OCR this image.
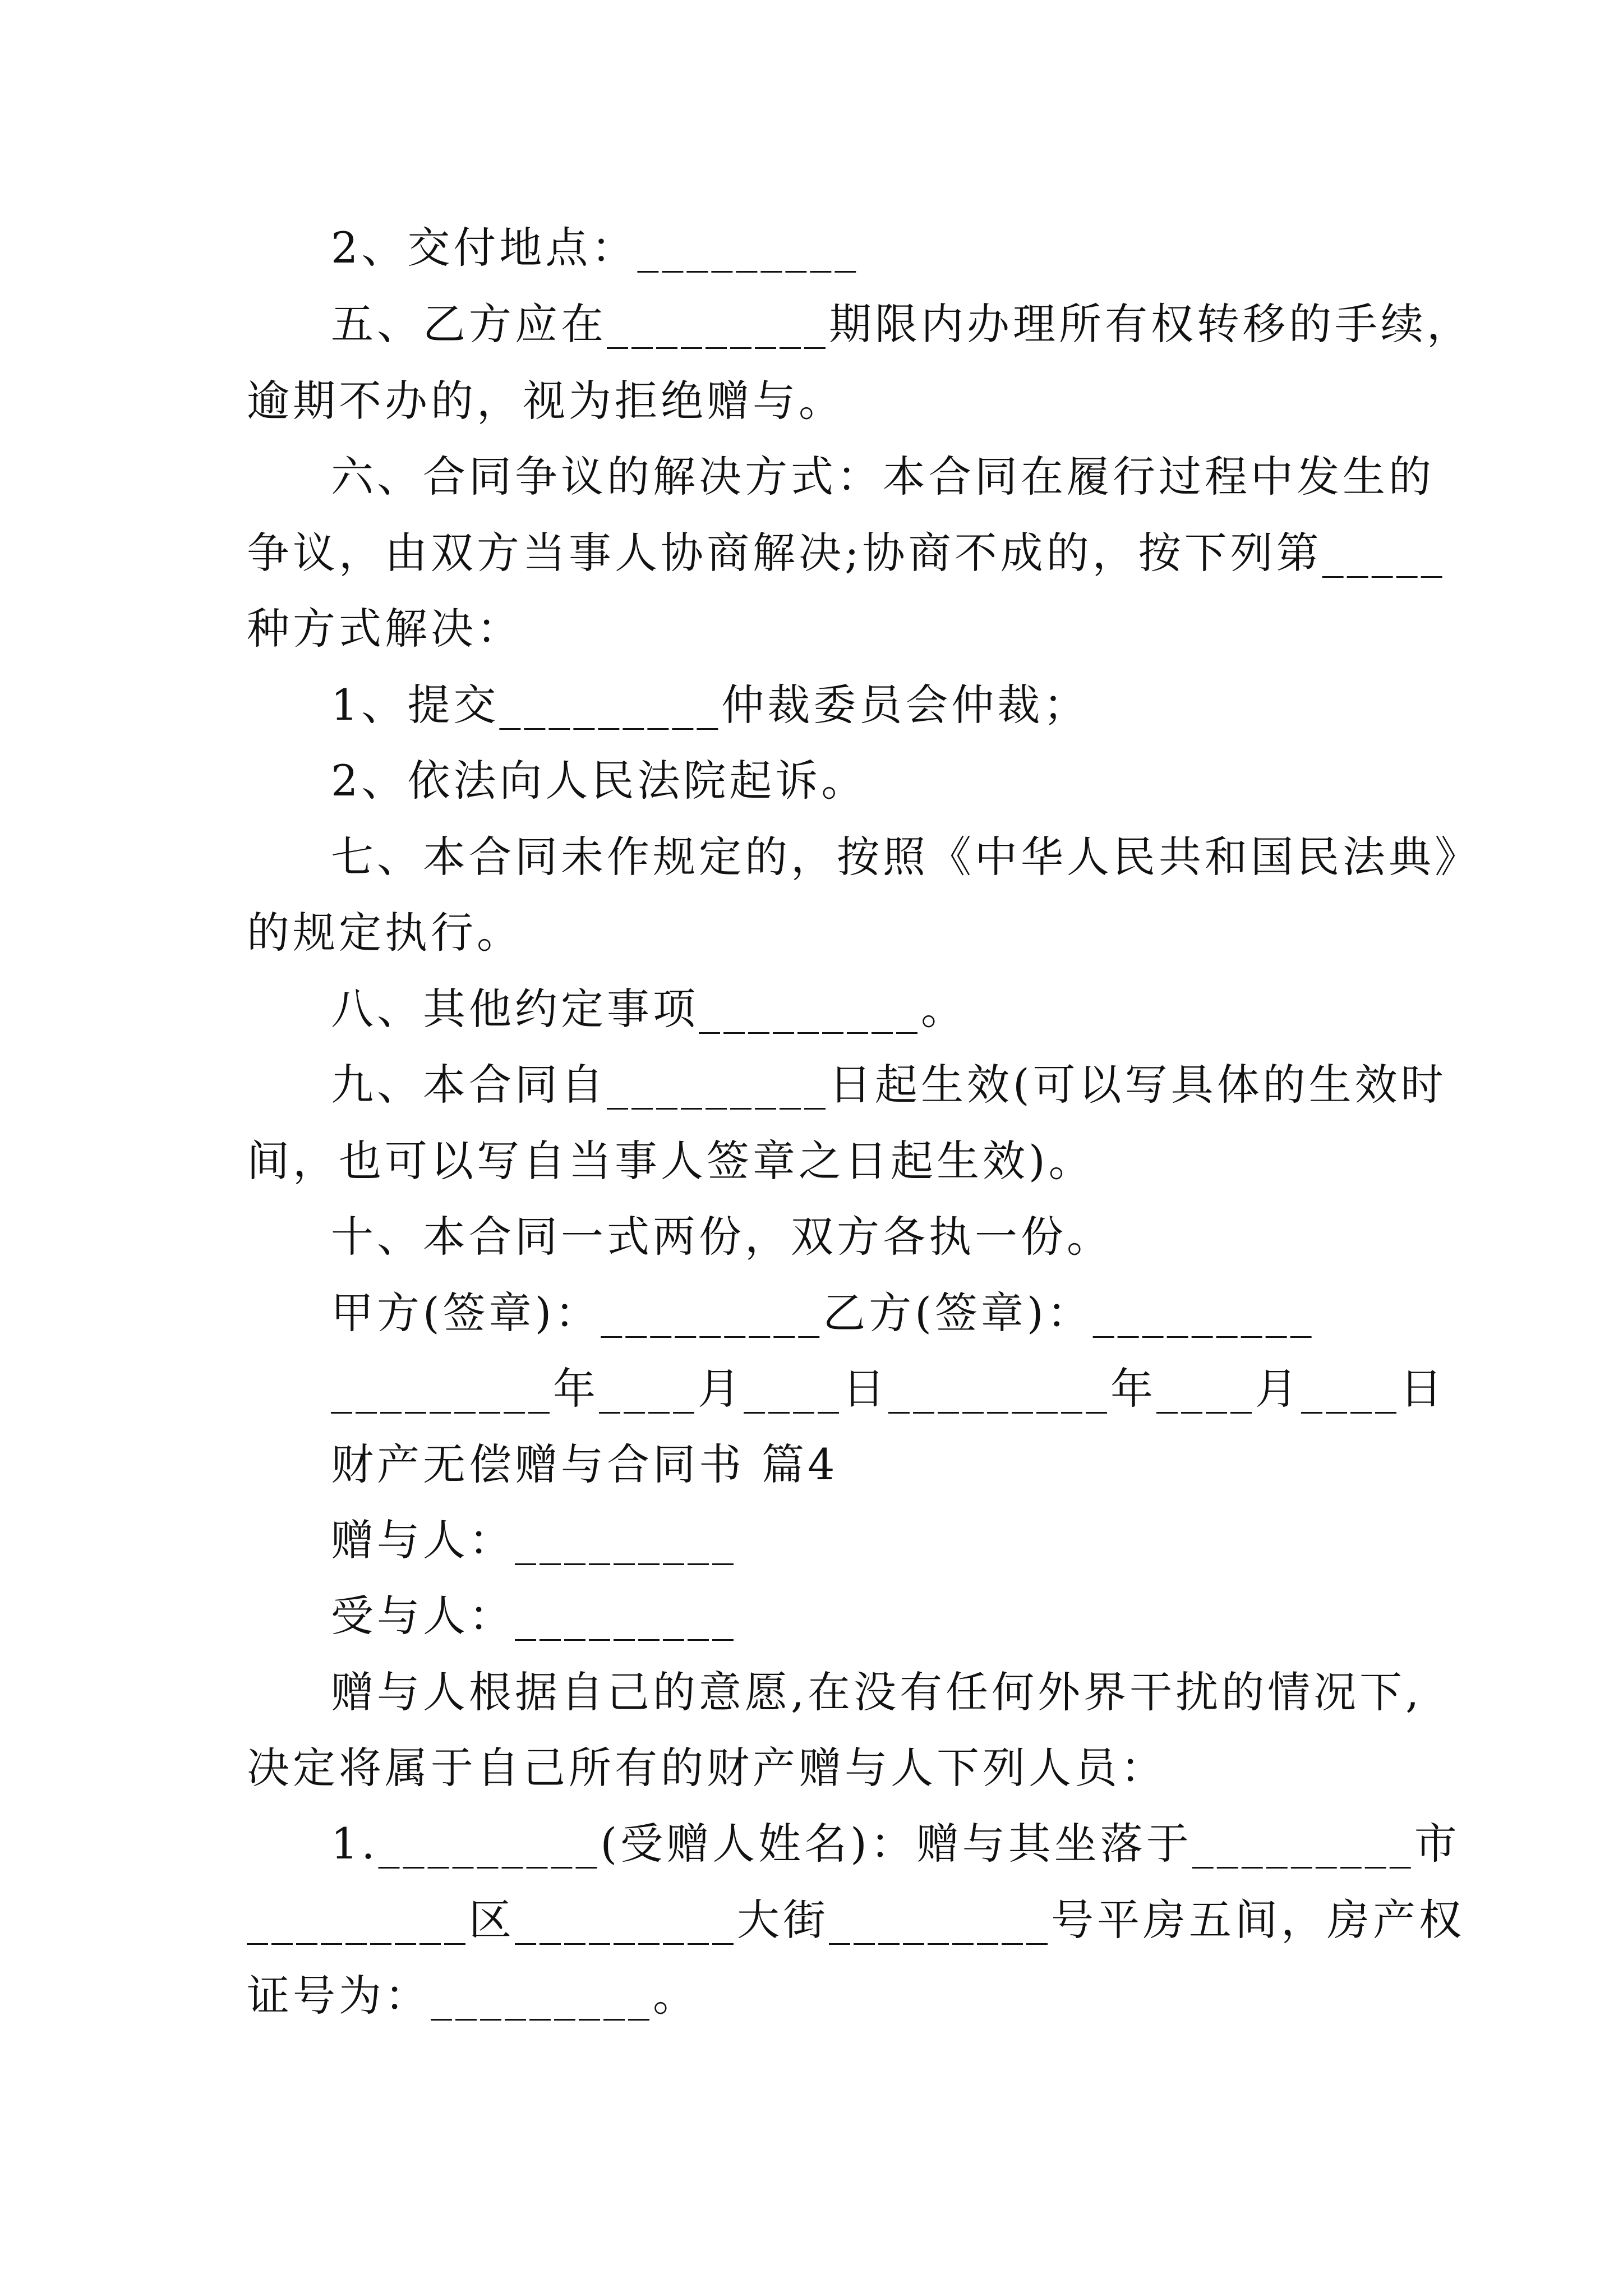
2、交付地点：_________
五、乙方应在_________期限内办理所有权转移的手续，
逾期不办的，视为拒绝赠与。
六、合同争议的解决方式：本合同在履行过程中发生的
争议，由双方当事人协商解决;协商不成的，按下列第_____
种方式解决：
1、提交_________仲裁委员会仲裁；
2、依法向人民法院起诉。
七、本合同未作规定的，按照《中华人民共和国民法典》
的规定执行。
八、其他约定事项_________。
九、本合同自_________日起生效(可以写具体的生效时
间，也可以写自当事人签章之日起生效)。
十、本合同一式两份，双方各执一份。
甲方(签章)：_________乙方(签章)：_________
_________年____月____日_________年____月____日
财产无偿赠与合同书 篇4
赠与人：_________
受与人：_________
赠与人根据自己的意愿,在没有任何外界干扰的情况下,
决定将属于自己所有的财产赠与人下列人员：
1._________(受赠人姓名)：赠与其坐落于_________市
_________区_________大街_________号平房五间，房产权
证号为：_________。
